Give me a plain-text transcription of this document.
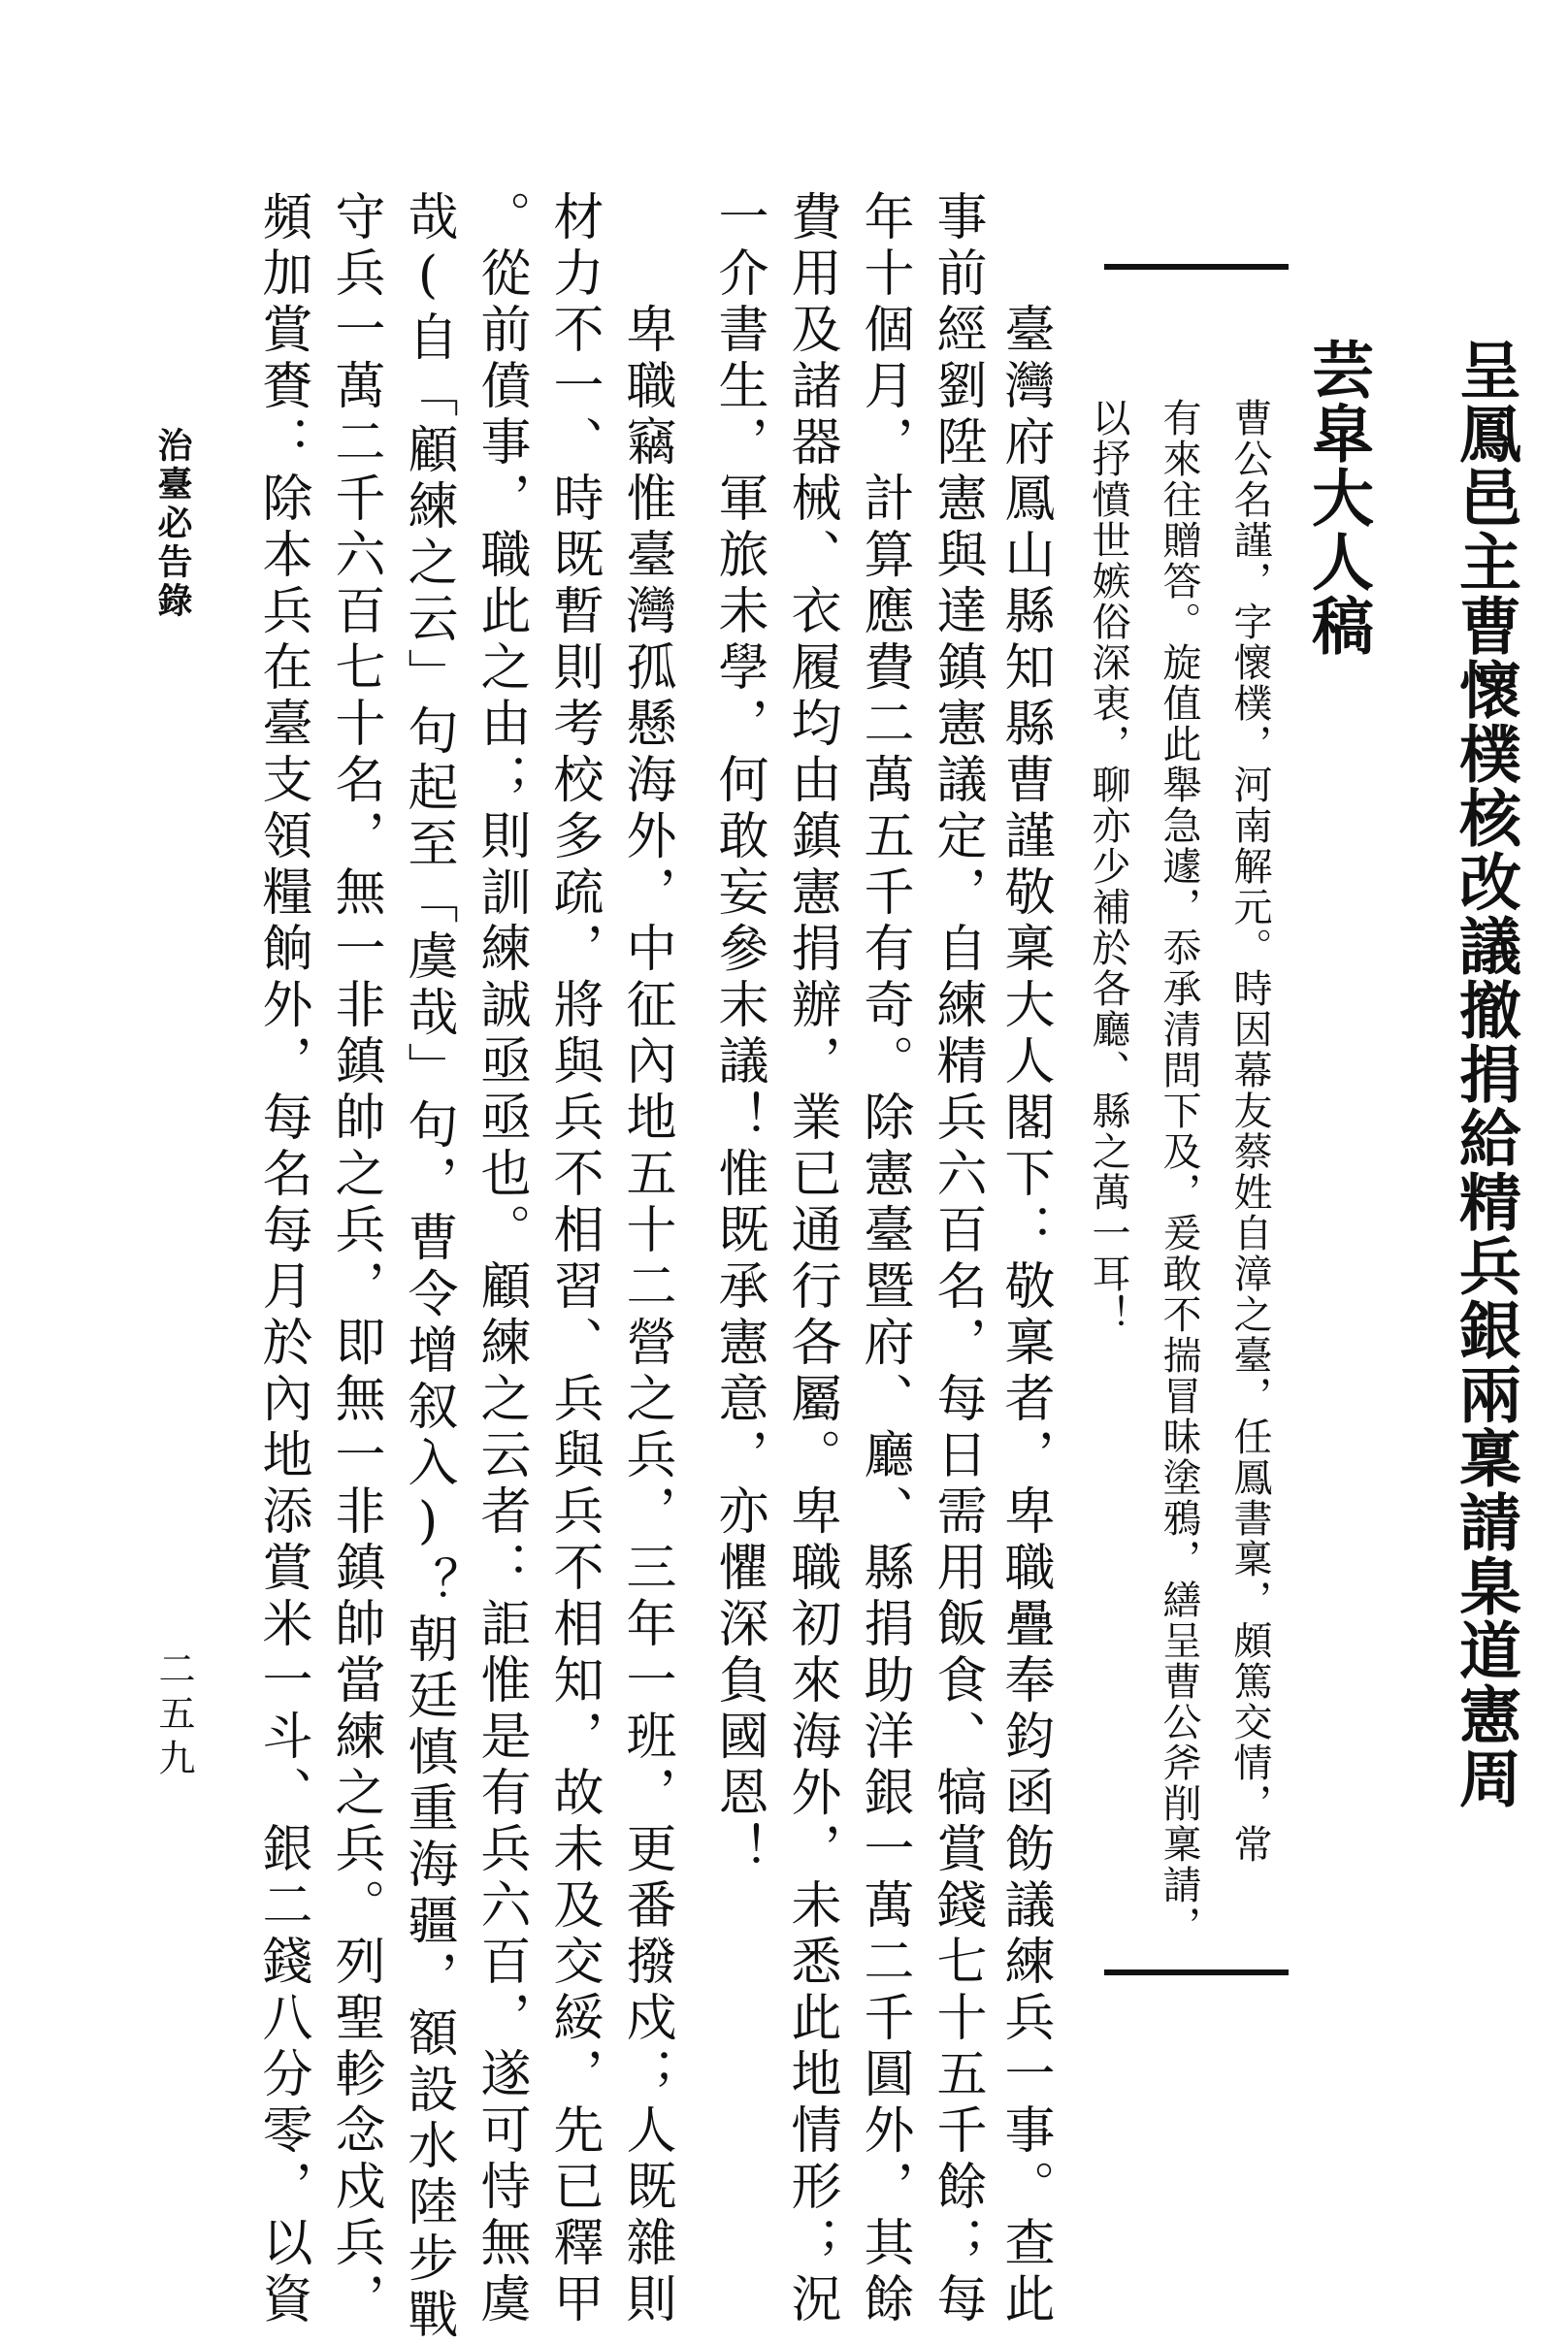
呈鳳邑主曹懷樸核改議撤捐給精兵銀兩稟請臬道憲周
芸皐大人稿
曹公名謹，字懷樸，河南解元。時因幕友蔡姓自漳之臺，任鳳書稟，頗篤交情，常
有來往贈答。旋值此舉急遽，忝承清問下及，爰敢不揣冒昧塗鴉，繕呈曹公斧削稟請，
以抒憤世嫉俗深衷，聊亦少補於各廳、縣之萬一耳！
臺灣府鳳山縣知縣曹謹敬稟大人閣下：敬稟者，卑職疊奉鈞函飭議練兵一事。查此
事前經劉陞憲與達鎮憲議定，自練精兵六百名，每日需用飯食、犒賞錢七十五千餘；每
年十個月，計算應費二萬五千有奇。除憲臺暨府、廳、縣捐助洋銀一萬二千圓外，其餘
費用及諸器械、衣履均由鎮憲捐辦，業已通行各屬。卑職初來海外，未悉此地情形；況
一介書生，軍旅未學，何敢妄參末議！惟既承憲意，亦懼深負國恩！
卑職竊惟臺灣孤懸海外，中征內地五十二營之兵，三年一班，更番撥戍；人既雜則
材力不一、時既暫則考校多疏，將與兵不相習、兵與兵不相知，故未及交綏，先已釋甲
。從前僨事，職此之由；則訓練誠亟亟也。顧練之云者：詎惟是有兵六百，遂可恃無虞
哉(自「顧練之云」句起至「虞哉」句，曹令增叙入)？朝廷慎重海疆，額設水陸步戰
守兵一萬二千六百七十名，無一非鎮帥之兵，即無一非鎮帥當練之兵。列聖軫念戍兵，
頻加賞賚：除本兵在臺支領糧餉外，每名每月於內地添賞米一斗、銀二錢八分零，以資
治臺必告錄
二五九
